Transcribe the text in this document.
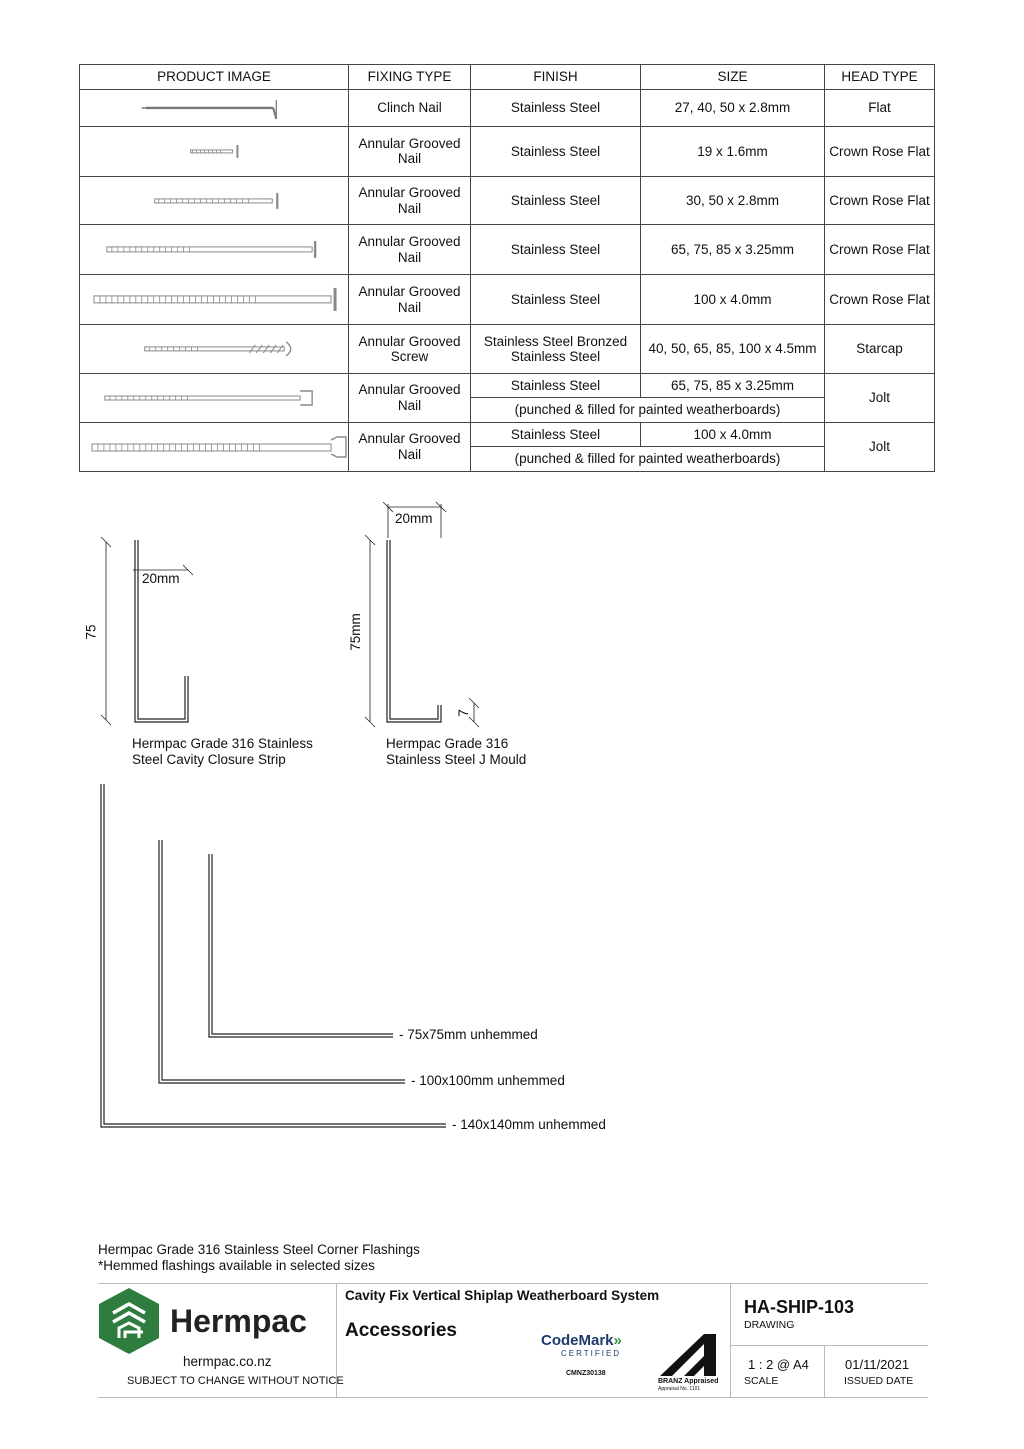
PRODUCT IMAGE	FIXING TYPE	FINISH	SIZE	HEAD TYPE

	Clinch Nail	Stainless Steel	27, 40, 50 x 2.8mm	Flat

	Annular Grooved Nail	Stainless Steel	19 x 1.6mm	Crown Rose Flat

	Annular Grooved Nail	Stainless Steel	30, 50 x 2.8mm	Crown Rose Flat

	Annular Grooved Nail	Stainless Steel	65, 75, 85 x 3.25mm	Crown Rose Flat

	Annular Grooved Nail	Stainless Steel	100 x 4.0mm	Crown Rose Flat

	Annular Grooved Screw	Stainless Steel Bronzed Stainless Steel	40, 50, 65, 85, 100 x 4.5mm	Starcap

	Annular Grooved Nail	Stainless Steel	65, 75, 85 x 3.25mm	Jolt
		(punched & filled for painted weatherboards)		

	Annular Grooved Nail	Stainless Steel	100 x 4.0mm	Jolt
		(punched & filled for painted weatherboards)		
20mm
75
Hermpac Grade 316 Stainless
Steel Cavity Closure Strip
20mm
75mm
7
Hermpac Grade 316
Stainless Steel J Mould
- 75x75mm unhemmed
- 100x100mm unhemmed
- 140x140mm unhemmed
Hermpac Grade 316 Stainless Steel Corner Flashings
*Hemmed flashings available in selected sizes
Hermpac
hermpac.co.nz
SUBJECT TO CHANGE WITHOUT NOTICE
Cavity Fix Vertical Shiplap Weatherboard System
Accessories	CodeMark»
CERTIFIED
CMNZ30138
BRANZ Appraised
Appraisal No. 1101
HA-SHIP-103
DRAWING
1 : 2 @ A4
SCALE
01/11/2021
ISSUED DATE
